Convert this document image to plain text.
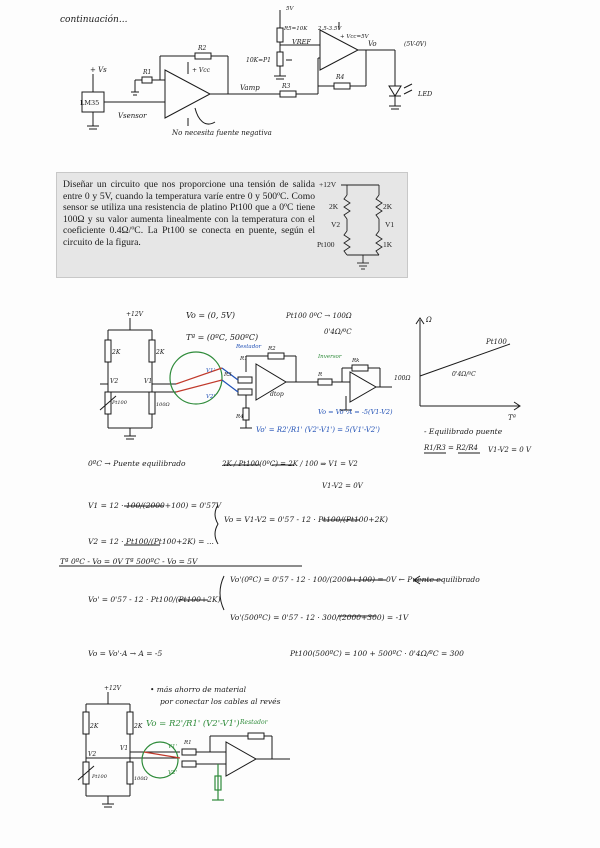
continuación...
+ Vs
LM35
Vsensor
R1
R2
+ Vcc
Vamp	R3
R4
10K=P1
R5=10K
5V
VREF
2.5-3.5V
+ Vcc=5V
Vo	(5V-0V)
LED
No necesita fuente negativa
+12V
2K	2K
V2	V1
Pt100	100Ω
Vo = (0, 5V)
Tª = (0ºC, 500ºC)
Pt100 0ºC → 100Ω
0'4Ω/ºC
R1
R2
R3
R4
dtop
Restador
Inversor
Rk
R
V1'
V2'
Vo = Vo'·A = -5(V1-V2)
Vo' = R2'/R1' (V2'-V1') = 5(V1'-V2')
Ω
Tª
Pt100
100Ω
0'4Ω/ºC
- Equilibrado puente
R1/R3 = R2/R4 V1-V2 = 0 V
0ºC → Puente equilibrado	2K / Pt100(0ºC) = 2K / 100 ⇒ V1 = V2
V1-V2 = 0V
V1 = 12 · 100/(2000+100) = 0'57V
Vo = V1-V2 = 0'57 - 12 · Pt100/(Pt100+2K)
V2 = 12 · Pt100/(Pt100+2K) = ...
Tª 0ºC - Vo = 0V Tª 500ºC - Vo = 5V
Vo'(0ºC) = 0'57 - 12 · 100/(2000+100) = 0V ← Puente equilibrado
Vo' = 0'57 - 12 · Pt100/(Pt100+2K)
Vo'(500ºC) = 0'57 - 12 · 300/(2000+300) = -1V
Vo = Vo'·A → A = -5	Pt100(500ºC) = 100 + 500ºC · 0'4Ω/ºC = 300
+12V	• más ahorro de material
por conectar los cables al revés
Vo = R2'/R1' (V2'-V1') Restador
2K	2K
V2
V1
Pt100	100Ω
V1'
V2'
R1

Diseñar un circuito que nos proporcione una tensión de salida entre 0 y 5V, cuando la temperatura varíe entre 0 y 500ºC. Como sensor se utiliza una resistencia de platino Pt100 que a 0ºC tiene 100Ω y su valor aumenta linealmente con la temperatura con el coeficiente 0.4Ω/ºC. La Pt100 se conecta en puente, según el circuito de la figura.

+12V
2K	2K
V2	V1
Pt100	1K
